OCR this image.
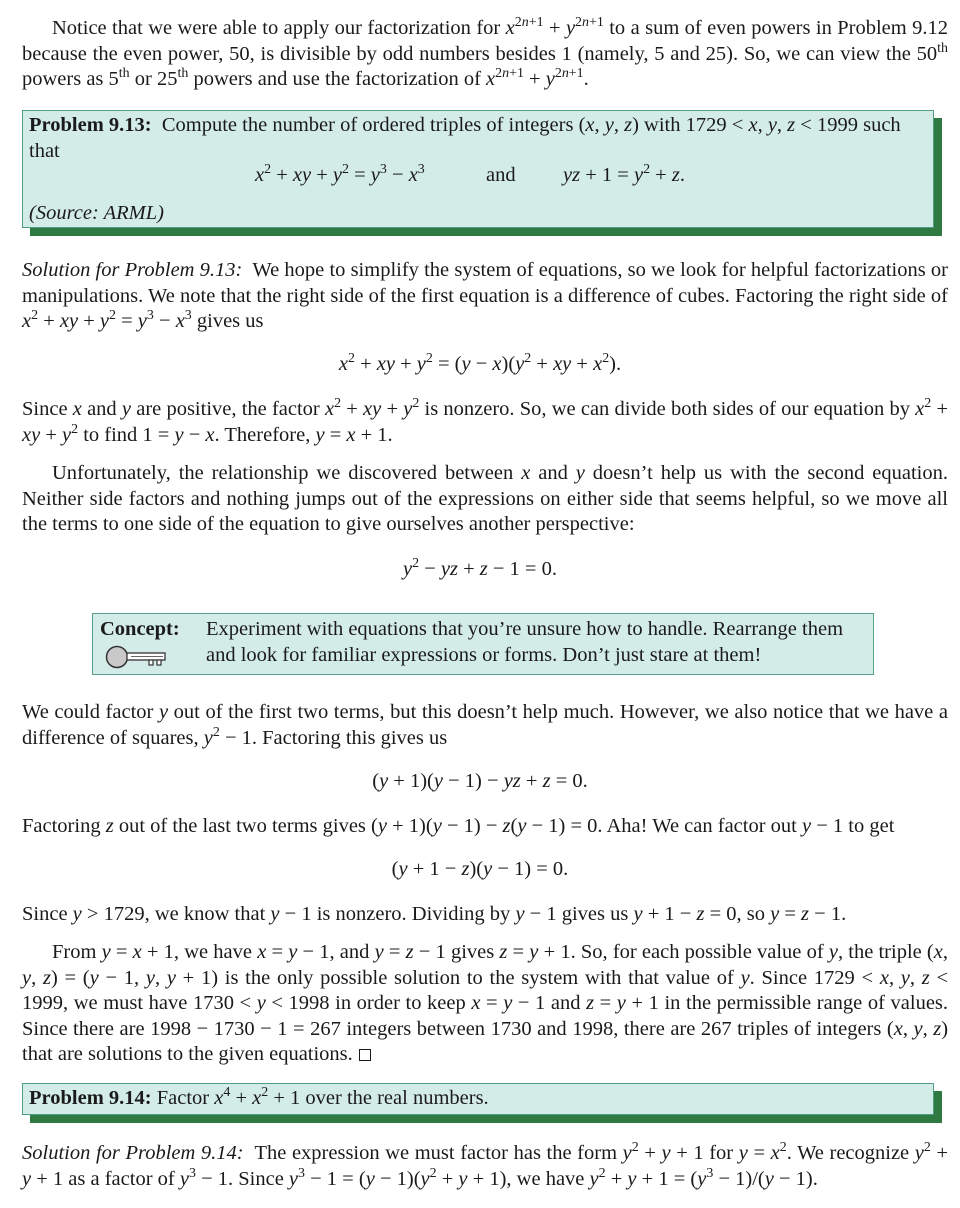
Notice that we were able to apply our factorization for $x^{2n+1} + y^{2n+1}$ to a sum of even powers in Problem 9.12 because the even power, 50, is divisible by odd numbers besides 1 (namely, 5 and 25). So, we can view the 50th powers as 5th or 25th powers and use the factorization of $x^{2n+1} + y^{2n+1}$.

Problem 9.13: Compute the number of ordered triples of integers (x, y, z) with 1729 < x, y, z < 1999 such that

$x^2$ + xy + $y^2 = y^3 - x^3$	and yz + $1 = y^2 + z$.
(Source: ARML)

Solution for Problem 9.13: We hope to simplify the system of equations, so we look for helpful factorizations or manipulations. We note that the right side of the first equation is a difference of cubes. Factoring the right side of $x^2$ + xy + $y^2 = y^3 - x^3$ gives us

$x^2$ + xy + $y^2 = (y - x)(y^2$ + xy + $x^2$).

Since x and y are positive, the factor $x^2$ + xy + $y^2$ is nonzero. So, we can divide both sides of our equation by $x^2$ + xy + $y^2$ to find 1 = y − x. Therefore, y = x + 1.

Unfortunately, the relationship we discovered between x and y doesn’t help us with the second equation. Neither side factors and nothing jumps out of the expressions on either side that seems helpful, so we move all the terms to one side of the equation to give ourselves another perspective:

$y^2$ − yz + z − 1 = 0.

Concept: Experiment with equations that you’re unsure how to handle. Rearrange them and look for familiar expressions or forms. Don’t just stare at them!

We could factor y out of the first two terms, but this doesn’t help much. However, we also notice that we have a difference of squares, $y^2 - 1$. Factoring this gives us

(y + 1)(y − 1) − yz + z = 0.

Factoring z out of the last two terms gives (y + 1)(y − 1) − z(y − 1) = 0. Aha! We can factor out y − 1 to get

(y + 1 − z)(y − 1) = 0.

Since y > 1729, we know that y − 1 is nonzero. Dividing by y − 1 gives us y + 1 − z = 0, so y = z − 1.

From y = x + 1, we have x = y − 1, and y = z − 1 gives z = y + 1. So, for each possible value of y, the triple (x, y, z) = (y − 1, y, y + 1) is the only possible solution to the system with that value of y. Since 1729 < x, y, z < 1999, we must have 1730 < y < 1998 in order to keep x = y − 1 and z = y + 1 in the permissible range of values. Since there are 1998 − 1730 − 1 = 267 integers between 1730 and 1998, there are 267 triples of integers (x, y, z) that are solutions to the given equations.

Problem 9.14: Factor $x^4 + x^2 + 1$ over the real numbers.

Solution for Problem 9.14: The expression we must factor has the form $y^2 + y + 1$ for $y = x^2$. We recognize $y^2 + y + 1$ as a factor of $y^3 - 1$. Since $y^3 - 1 = (y - 1)(y^2 + y + 1)$, we have $y^2 + y + 1 = (y^3 - 1)/(y - 1)$.
